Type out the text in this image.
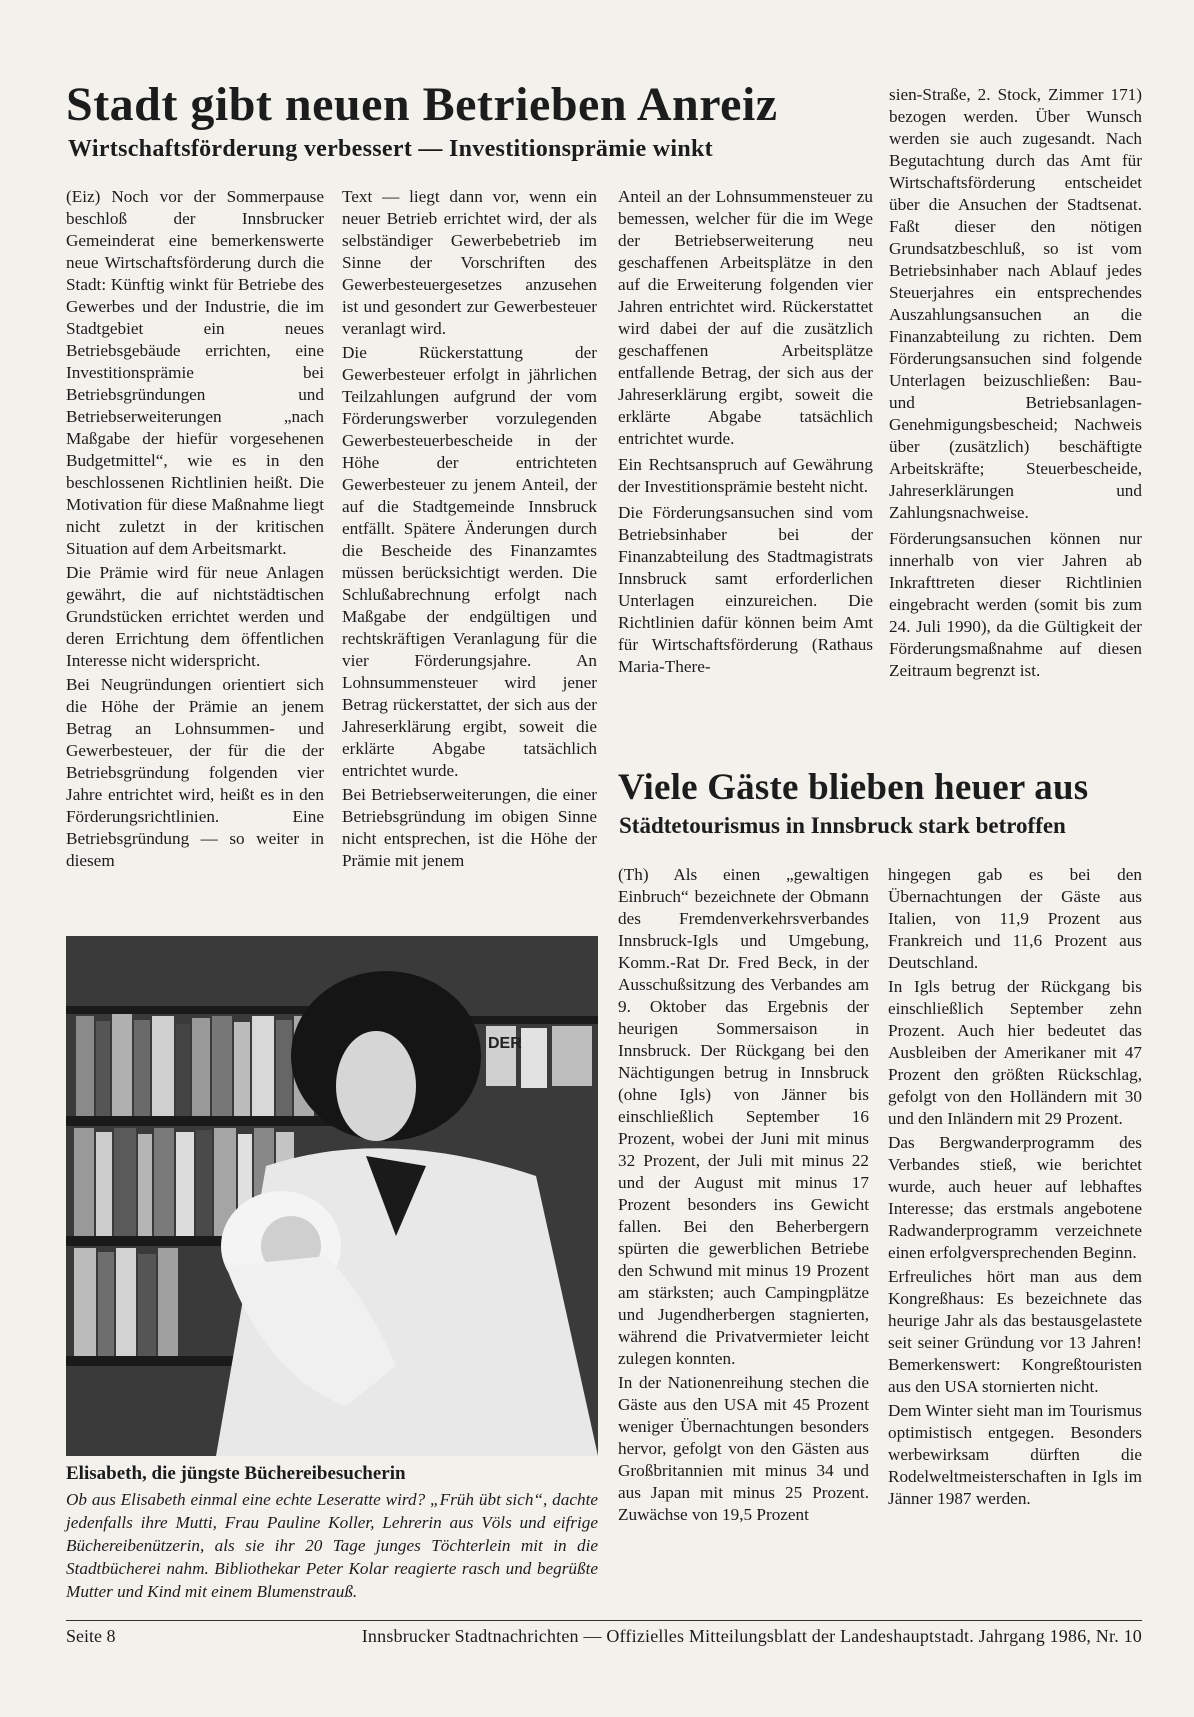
Stadt gibt neuen Betrieben Anreiz
Wirtschaftsförderung verbessert — Investitionsprämie winkt

(Eiz) Noch vor der Sommerpause beschloß der Innsbrucker Gemeinderat eine bemerkenswerte neue Wirtschaftsförderung durch die Stadt: Künftig winkt für Betriebe des Gewerbes und der Industrie, die im Stadtgebiet ein neues Betriebsgebäude errichten, eine Investitionsprämie bei Betriebsgründungen und Betriebserweiterungen „nach Maßgabe der hiefür vorgesehenen Budgetmittel“, wie es in den beschlossenen Richtlinien heißt. Die Motivation für diese Maßnahme liegt nicht zuletzt in der kritischen Situation auf dem Arbeitsmarkt.

Die Prämie wird für neue Anlagen gewährt, die auf nichtstädtischen Grundstücken errichtet werden und deren Errichtung dem öffentlichen Interesse nicht widerspricht.

Bei Neugründungen orientiert sich die Höhe der Prämie an jenem Betrag an Lohnsummen- und Gewerbesteuer, der für die der Betriebsgründung folgenden vier Jahre entrichtet wird, heißt es in den Förderungsrichtlinien. Eine Betriebsgründung — so weiter in diesem

Text — liegt dann vor, wenn ein neuer Betrieb errichtet wird, der als selbständiger Gewerbebetrieb im Sinne der Vorschriften des Gewerbesteuergesetzes anzusehen ist und gesondert zur Gewerbesteuer veranlagt wird.

Die Rückerstattung der Gewerbesteuer erfolgt in jährlichen Teilzahlungen aufgrund der vom Förderungswerber vorzulegenden Gewerbesteuerbescheide in der Höhe der entrichteten Gewerbesteuer zu jenem Anteil, der auf die Stadtgemeinde Innsbruck entfällt. Spätere Änderungen durch die Bescheide des Finanzamtes müssen berücksichtigt werden. Die Schlußabrechnung erfolgt nach Maßgabe der endgültigen und rechtskräftigen Veranlagung für die vier Förderungsjahre. An Lohnsummensteuer wird jener Betrag rückerstattet, der sich aus der Jahreserklärung ergibt, soweit die erklärte Abgabe tatsächlich entrichtet wurde.

Bei Betriebserweiterungen, die einer Betriebsgründung im obigen Sinne nicht entsprechen, ist die Höhe der Prämie mit jenem

Anteil an der Lohnsummensteuer zu bemessen, welcher für die im Wege der Betriebserweiterung neu geschaffenen Arbeitsplätze in den auf die Erweiterung folgenden vier Jahren entrichtet wird. Rückerstattet wird dabei der auf die zusätzlich geschaffenen Arbeitsplätze entfallende Betrag, der sich aus der Jahreserklärung ergibt, soweit die erklärte Abgabe tatsächlich entrichtet wurde.

Ein Rechtsanspruch auf Gewährung der Investitionsprämie besteht nicht.

Die Förderungsansuchen sind vom Betriebsinhaber bei der Finanzabteilung des Stadtmagistrats Innsbruck samt erforderlichen Unterlagen einzureichen. Die Richtlinien dafür können beim Amt für Wirtschaftsförderung (Rathaus Maria-There-

sien-Straße, 2. Stock, Zimmer 171) bezogen werden. Über Wunsch werden sie auch zugesandt. Nach Begutachtung durch das Amt für Wirtschaftsförderung entscheidet über die Ansuchen der Stadtsenat. Faßt dieser den nötigen Grundsatzbeschluß, so ist vom Betriebsinhaber nach Ablauf jedes Steuerjahres ein entsprechendes Auszahlungsansuchen an die Finanzabteilung zu richten. Dem Förderungsansuchen sind folgende Unterlagen beizuschließen: Bau- und Betriebsanlagen-Genehmigungsbescheid; Nachweis über (zusätzlich) beschäftigte Arbeitskräfte; Steuerbescheide, Jahreserklärungen und Zahlungsnachweise.

Förderungsansuchen können nur innerhalb von vier Jahren ab Inkrafttreten dieser Richtlinien eingebracht werden (somit bis zum 24. Juli 1990), da die Gültigkeit der Förderungsmaßnahme auf diesen Zeitraum begrenzt ist.

DER
Elisabeth, die jüngste Büchereibesucherin

Ob aus Elisabeth einmal eine echte Leseratte wird? „Früh übt sich“, dachte jedenfalls ihre Mutti, Frau Pauline Koller, Lehrerin aus Völs und eifrige Büchereibenützerin, als sie ihr 20 Tage junges Töchterlein mit in die Stadtbücherei nahm. Bibliothekar Peter Kolar reagierte rasch und begrüßte Mutter und Kind mit einem Blumenstrauß.

Viele Gäste blieben heuer aus
Städtetourismus in Innsbruck stark betroffen

(Th) Als einen „gewaltigen Einbruch“ bezeichnete der Obmann des Fremdenverkehrsverbandes Innsbruck-Igls und Umgebung, Komm.-Rat Dr. Fred Beck, in der Ausschußsitzung des Verbandes am 9. Oktober das Ergebnis der heurigen Sommersaison in Innsbruck. Der Rückgang bei den Nächtigungen betrug in Innsbruck (ohne Igls) von Jänner bis einschließlich September 16 Prozent, wobei der Juni mit minus 32 Prozent, der Juli mit minus 22 und der August mit minus 17 Prozent besonders ins Gewicht fallen. Bei den Beherbergern spürten die gewerblichen Betriebe den Schwund mit minus 19 Prozent am stärksten; auch Campingplätze und Jugendherbergen stagnierten, während die Privatvermieter leicht zulegen konnten.

In der Nationenreihung stechen die Gäste aus den USA mit 45 Prozent weniger Übernachtungen besonders hervor, gefolgt von den Gästen aus Großbritannien mit minus 34 und aus Japan mit minus 25 Prozent. Zuwächse von 19,5 Prozent

hingegen gab es bei den Übernachtungen der Gäste aus Italien, von 11,9 Prozent aus Frankreich und 11,6 Prozent aus Deutschland.

In Igls betrug der Rückgang bis einschließlich September zehn Prozent. Auch hier bedeutet das Ausbleiben der Amerikaner mit 47 Prozent den größten Rückschlag, gefolgt von den Holländern mit 30 und den Inländern mit 29 Prozent.

Das Bergwanderprogramm des Verbandes stieß, wie berichtet wurde, auch heuer auf lebhaftes Interesse; das erstmals angebotene Radwanderprogramm verzeichnete einen erfolgversprechenden Beginn.

Erfreuliches hört man aus dem Kongreßhaus: Es bezeichnete das heurige Jahr als das bestausgelastete seit seiner Gründung vor 13 Jahren! Bemerkenswert: Kongreßtouristen aus den USA stornierten nicht.

Dem Winter sieht man im Tourismus optimistisch entgegen. Besonders werbewirksam dürften die Rodelweltmeisterschaften in Igls im Jänner 1987 werden.

Seite 8	Innsbrucker Stadtnachrichten — Offizielles Mitteilungsblatt der Landeshauptstadt. Jahrgang 1986, Nr. 10
